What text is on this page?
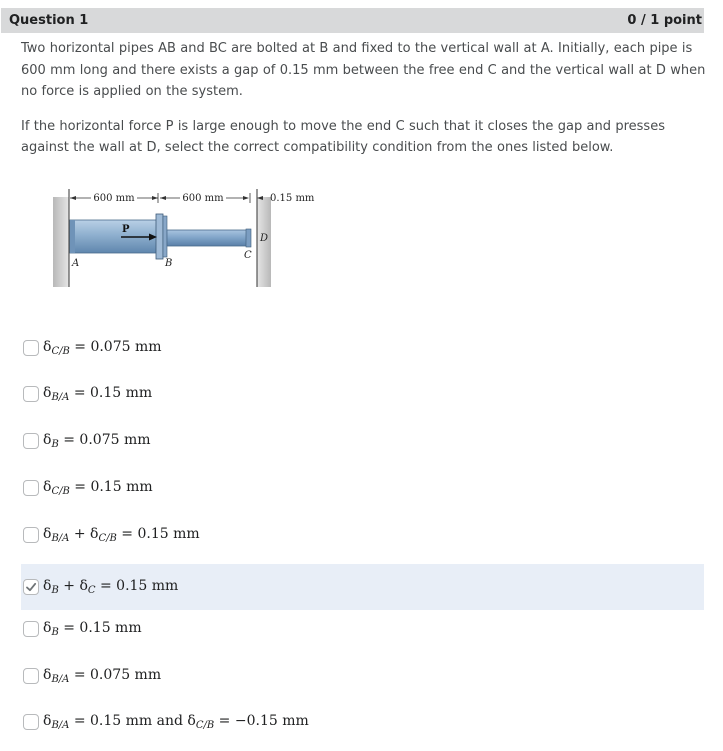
Question 1	0 / 1 point

Two horizontal pipes AB and BC are bolted at B and fixed to the vertical wall at A. Initially, each pipe is 600 mm long and there exists a gap of 0.15 mm between the free end C and the vertical wall at D when no force is applied on the system.

If the horizontal force P is large enough to move the end C such that it closes the gap and presses against the wall at D, select the correct compatibility condition from the ones listed below.

600 mm	600 mm	0.15 mm
P
A	B
C
D
$\delta_{C/B} = 0.075$ mm
$\delta_{B/A} = 0.15$ mm
$\delta_B = 0.075$ mm
$\delta_{C/B} = 0.15$ mm
$\delta_{B/A} + \delta_{C/B} = 0.15$ mm
$\delta_B + \delta_C = 0.15$ mm
$\delta_B = 0.15$ mm
$\delta_{B/A} = 0.075$ mm
$\delta_{B/A} = 0.15$ mm and $\delta_{C/B} = -0.15$ mm
